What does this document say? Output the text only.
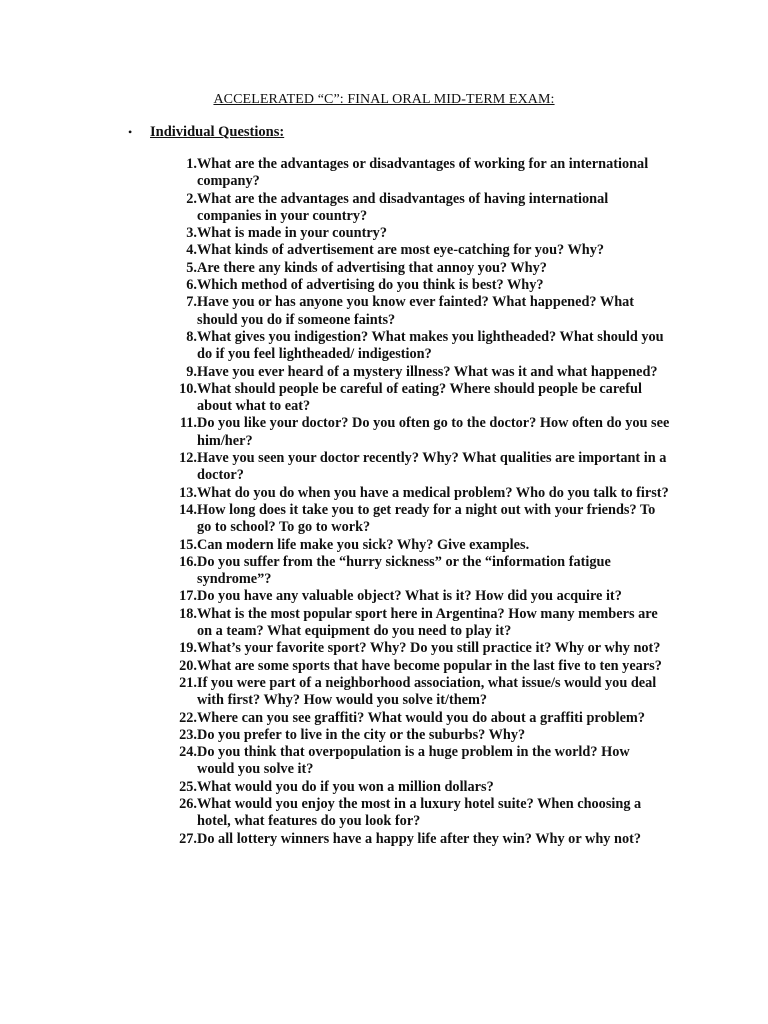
ACCELERATED “C”: FINAL ORAL MID-TERM EXAM:
• Individual Questions:
1. What are the advantages or disadvantages of working for an international company?
2. What are the advantages and disadvantages of having international companies in your country?
3. What is made in your country?
4. What kinds of advertisement are most eye-catching for you? Why?
5. Are there any kinds of advertising that annoy you? Why?
6. Which method of advertising do you think is best? Why?
7. Have you or has anyone you know ever fainted? What happened? What should you do if someone faints?
8. What gives you indigestion? What makes you lightheaded? What should you do if you feel lightheaded/ indigestion?
9. Have you ever heard of a mystery illness? What was it and what happened?
10. What should people be careful of eating? Where should people be careful about what to eat?
11. Do you like your doctor? Do you often go to the doctor? How often do you see him/her?
12. Have you seen your doctor recently? Why? What qualities are important in a doctor?
13. What do you do when you have a medical problem? Who do you talk to first?
14. How long does it take you to get ready for a night out with your friends? To go to school? To go to work?
15. Can modern life make you sick? Why? Give examples.
16. Do you suffer from the “hurry sickness” or the “information fatigue syndrome”?
17. Do you have any valuable object? What is it? How did you acquire it?
18. What is the most popular sport here in Argentina? How many members are on a team? What equipment do you need to play it?
19. What’s your favorite sport? Why? Do you still practice it? Why or why not?
20. What are some sports that have become popular in the last five to ten years?
21. If you were part of a neighborhood association, what issue/s would you deal with first? Why? How would you solve it/them?
22. Where can you see graffiti? What would you do about a graffiti problem?
23. Do you prefer to live in the city or the suburbs? Why?
24. Do you think that overpopulation is a huge problem in the world? How would you solve it?
25. What would you do if you won a million dollars?
26. What would you enjoy the most in a luxury hotel suite? When choosing a hotel, what features do you look for?
27. Do all lottery winners have a happy life after they win? Why or why not?
